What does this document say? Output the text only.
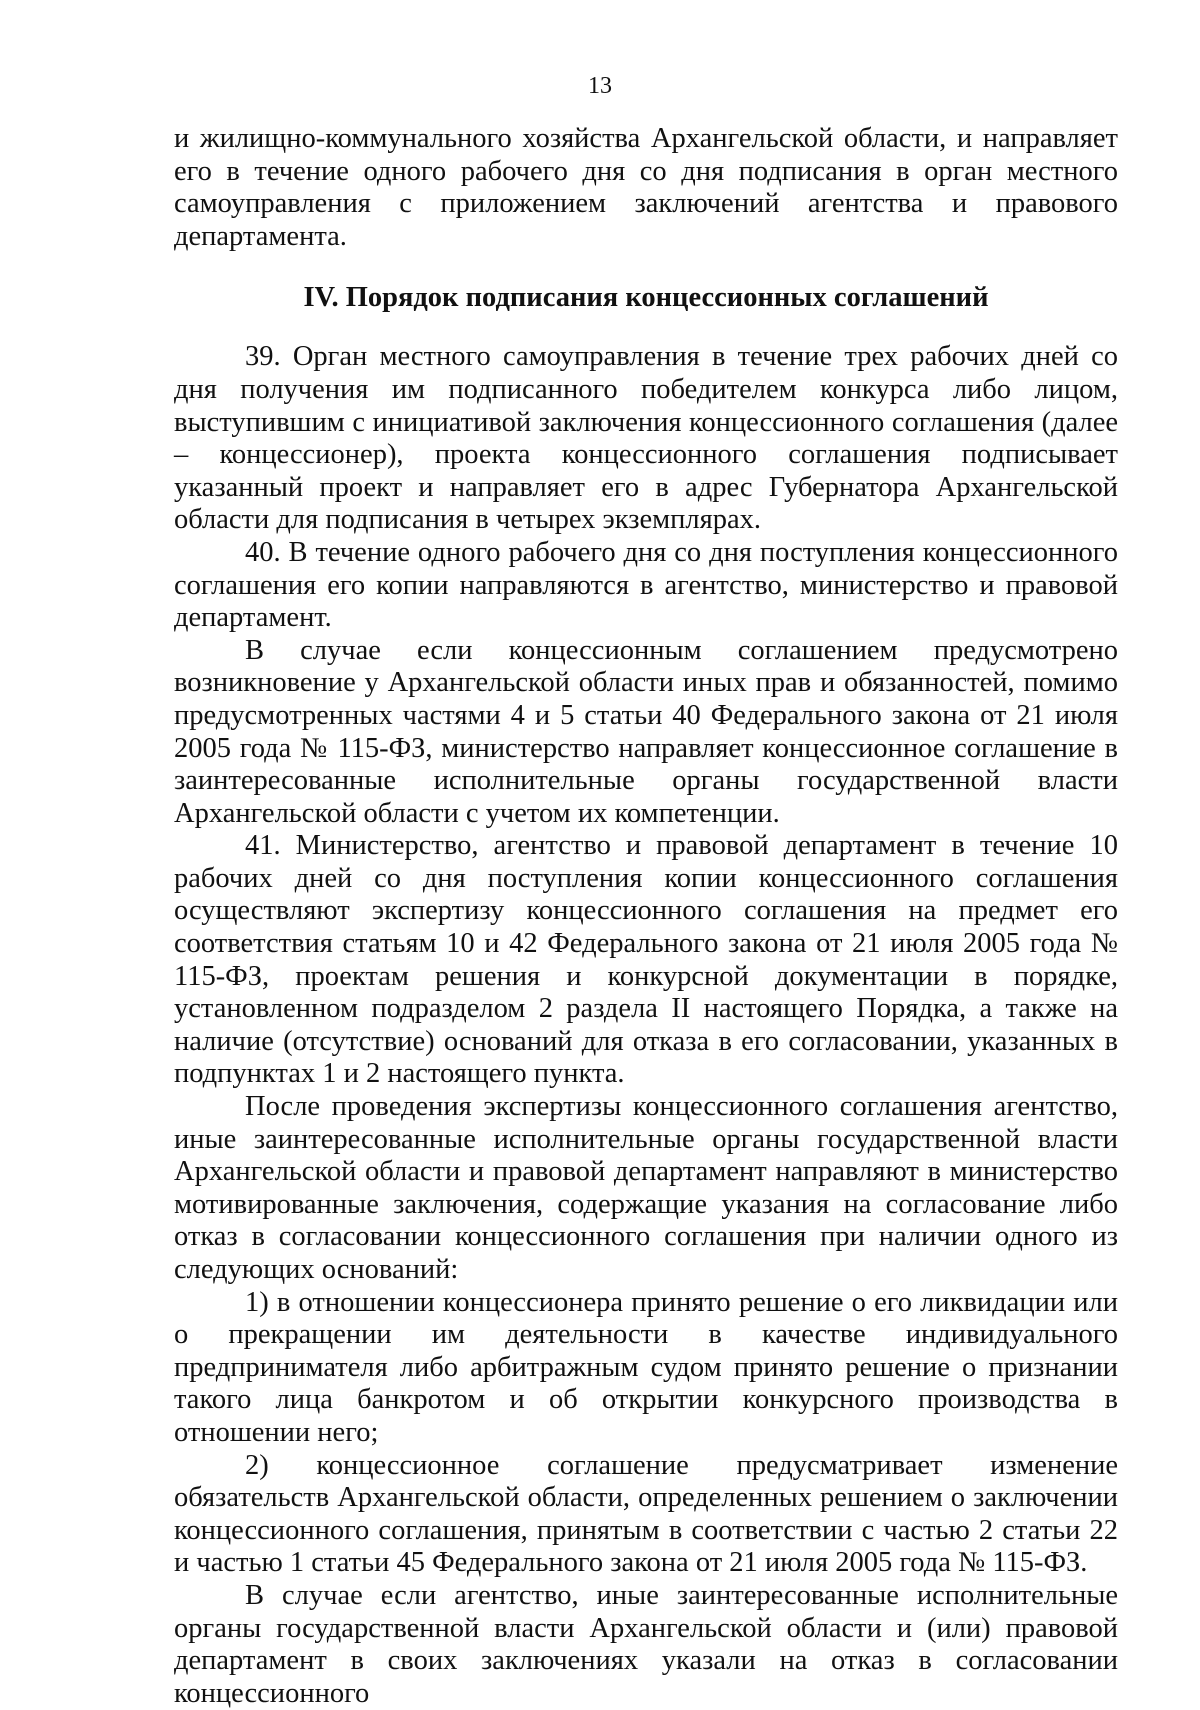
13

и жилищно-коммунального хозяйства Архангельской области, и направляет его в течение одного рабочего дня со дня подписания в орган местного самоуправления с приложением заключений агентства и правового департамента.

IV. Порядок подписания концессионных соглашений

39. Орган местного самоуправления в течение трех рабочих дней со дня получения им подписанного победителем конкурса либо лицом, выступившим с инициативой заключения концессионного соглашения (далее – концессионер), проекта концессионного соглашения подписывает указанный проект и направляет его в адрес Губернатора Архангельской области для подписания в четырех экземплярах.

40. В течение одного рабочего дня со дня поступления концессионного соглашения его копии направляются в агентство, министерство и правовой департамент.

В случае если концессионным соглашением предусмотрено возникновение у Архангельской области иных прав и обязанностей, помимо предусмотренных частями 4 и 5 статьи 40 Федерального закона от 21 июля 2005 года № 115-ФЗ, министерство направляет концессионное соглашение в заинтересованные исполнительные органы государственной власти Архангельской области с учетом их компетенции.

41. Министерство, агентство и правовой департамент в течение 10 рабочих дней со дня поступления копии концессионного соглашения осуществляют экспертизу концессионного соглашения на предмет его соответствия статьям 10 и 42 Федерального закона от 21 июля 2005 года № 115-ФЗ, проектам решения и конкурсной документации в порядке, установленном подразделом 2 раздела II настоящего Порядка, а также на наличие (отсутствие) оснований для отказа в его согласовании, указанных в подпунктах 1 и 2 настоящего пункта.

После проведения экспертизы концессионного соглашения агентство, иные заинтересованные исполнительные органы государственной власти Архангельской области и правовой департамент направляют в министерство мотивированные заключения, содержащие указания на согласование либо отказ в согласовании концессионного соглашения при наличии одного из следующих оснований:

1) в отношении концессионера принято решение о его ликвидации или о прекращении им деятельности в качестве индивидуального предпринимателя либо арбитражным судом принято решение о признании такого лица банкротом и об открытии конкурсного производства в отношении него;

2) концессионное соглашение предусматривает изменение обязательств Архангельской области, определенных решением о заключении концессионного соглашения, принятым в соответствии с частью 2 статьи 22 и частью 1 статьи 45 Федерального закона от 21 июля 2005 года № 115-ФЗ.

В случае если агентство, иные заинтересованные исполнительные органы государственной власти Архангельской области и (или) правовой департамент в своих заключениях указали на отказ в согласовании концессионного
